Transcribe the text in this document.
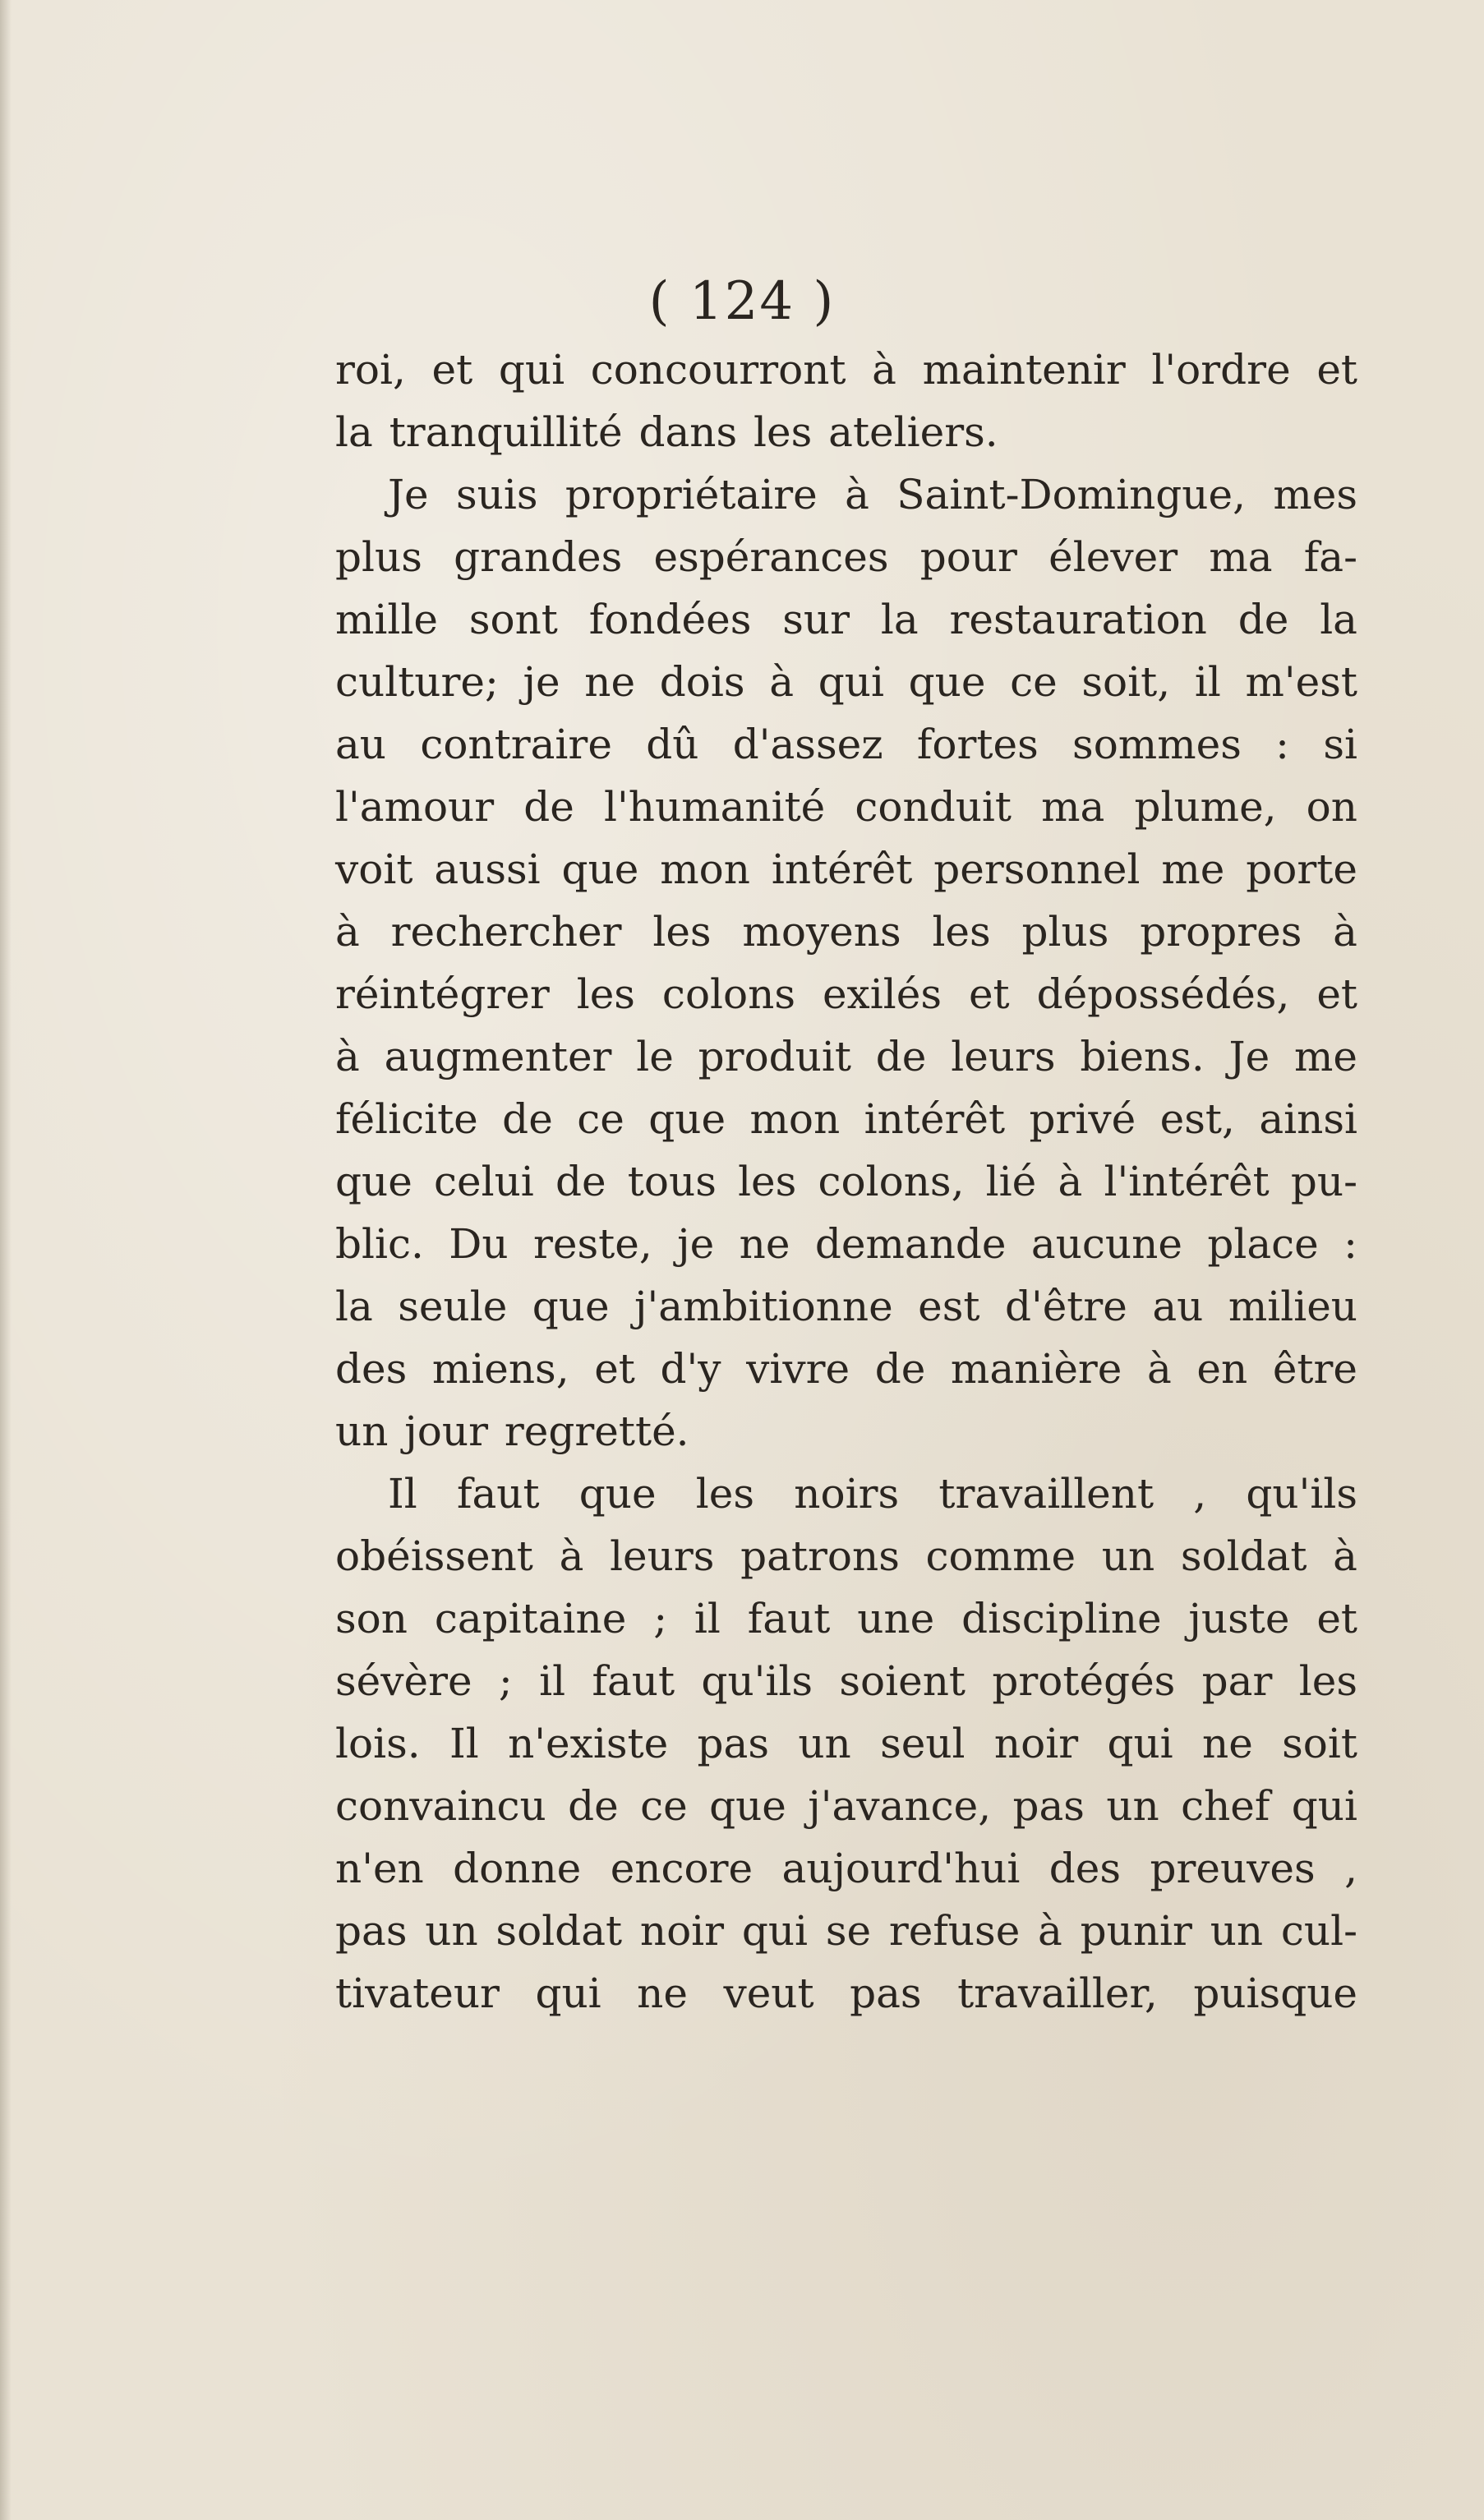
( 124 )
roi, et qui concourront à maintenir l'ordre et
la tranquillité dans les ateliers.
Je suis propriétaire à Saint-Domingue, mes
plus grandes espérances pour élever ma fa-
mille sont fondées sur la restauration de la
culture; je ne dois à qui que ce soit, il m'est
au contraire dû d'assez fortes sommes : si
l'amour de l'humanité conduit ma plume, on
voit aussi que mon intérêt personnel me porte
à rechercher les moyens les plus propres à
réintégrer les colons exilés et dépossédés, et
à augmenter le produit de leurs biens. Je me
félicite de ce que mon intérêt privé est, ainsi
que celui de tous les colons, lié à l'intérêt pu-
blic. Du reste, je ne demande aucune place :
la seule que j'ambitionne est d'être au milieu
des miens, et d'y vivre de manière à en être
un jour regretté.
Il faut que les noirs travaillent , qu'ils
obéissent à leurs patrons comme un soldat à
son capitaine ; il faut une discipline juste et
sévère ; il faut qu'ils soient protégés par les
lois. Il n'existe pas un seul noir qui ne soit
convaincu de ce que j'avance, pas un chef qui
n'en donne encore aujourd'hui des preuves ,
pas un soldat noir qui se refuse à punir un cul-
tivateur qui ne veut pas travailler, puisque
